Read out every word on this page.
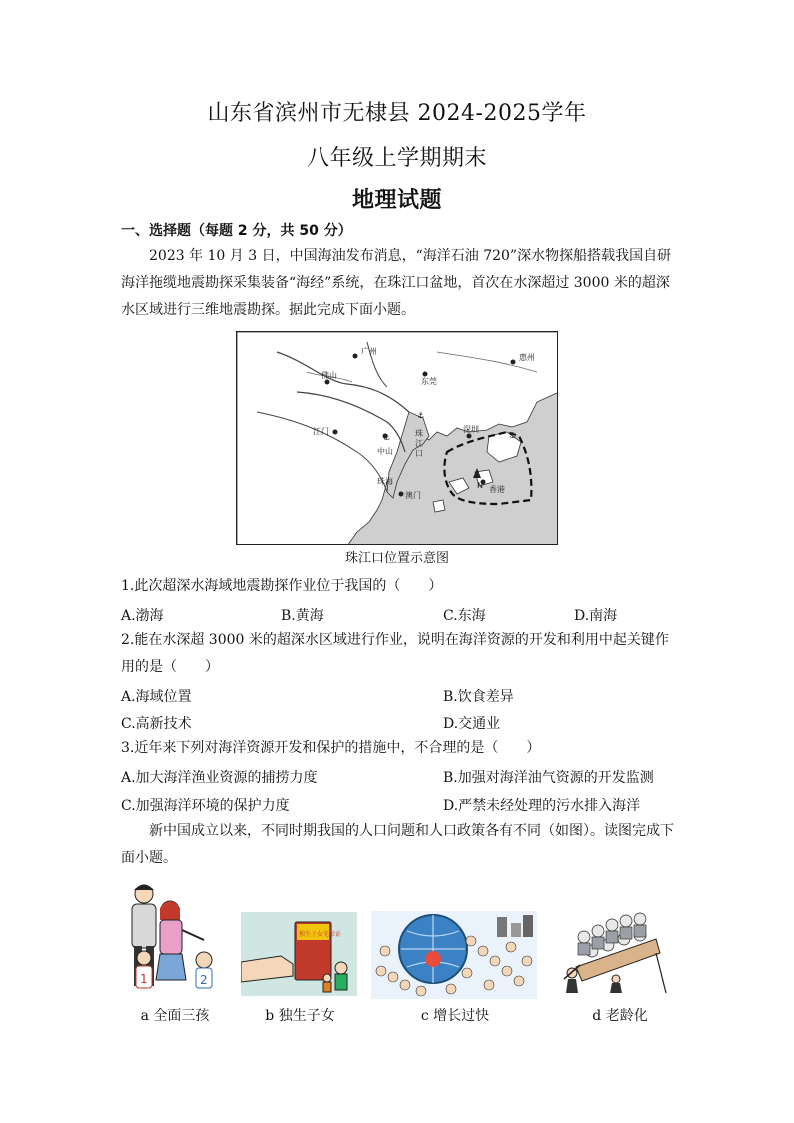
山东省滨州市无棣县 2024-2025学年
八年级上学期期末
地理试题
一、选择题（每题 2 分，共 50 分）
2023 年 10 月 3 日，中国海油发布消息，“海洋石油 720”深水物探船搭载我国自研海洋拖缆地震勘探采集装备“海经”系统，在珠江口盆地，首次在水深超过 3000 米的超深水区域进行三维地震勘探。据此完成下面小题。
⚓
⚓	⚓
广州
佛山
东莞
惠州
江门
中山
珠海
澳门
深圳
香港
珠
江
口
N
珠江口位置示意图
1.此次超深水海域地震勘探作业位于我国的（　　）
A.渤海	B.黄海	C.东海	D.南海
2.能在水深超 3000 米的超深水区域进行作业，说明在海洋资源的开发和利用中起关键作用的是（　　）
A.海域位置	B.饮食差异
C.高新技术	D.交通业
3.近年来下列对海洋资源开发和保护的措施中，不合理的是（　　）
A.加大海洋渔业资源的捕捞力度	B.加强对海洋油气资源的开发监测
C.加强海洋环境的保护力度	D.严禁未经处理的污水排入海洋
新中国成立以来，不同时期我国的人口问题和人口政策各有不同（如图）。读图完成下面小题。
1	2
a 全面三孩
独生子女光荣证
b 独生子女	c 增长过快	d 老龄化
